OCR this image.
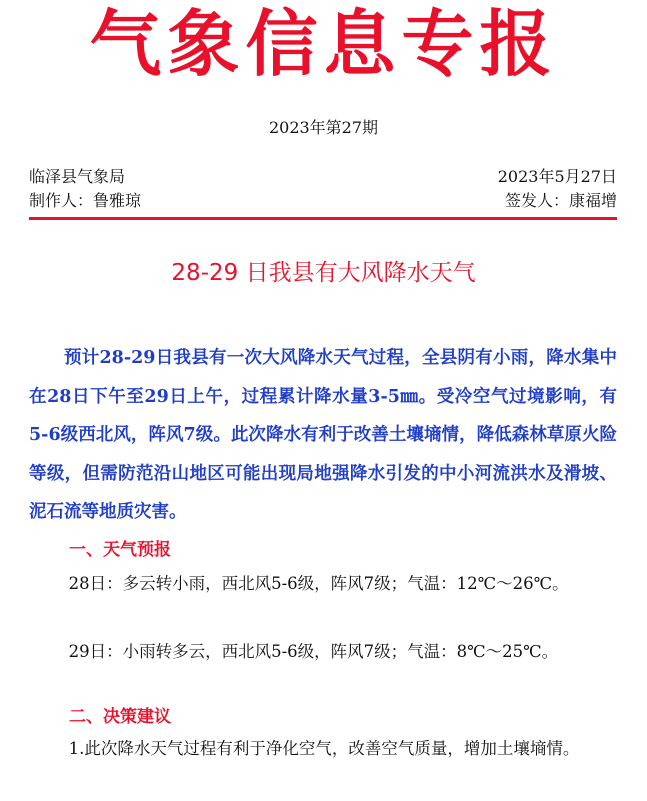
气象信息专报
2023年第27期
临泽县气象局	2023年5月27日
制作人：鲁雅琼	签发人：康福增
28-29 日我县有大风降水天气

预计28-29日我县有一次大风降水天气过程，全县阴有小雨，降水集中在28日下午至29日上午，过程累计降水量3-5㎜。受冷空气过境影响，有5-6级西北风，阵风7级。此次降水有利于改善土壤墒情，降低森林草原火险等级，但需防范沿山地区可能出现局地强降水引发的中小河流洪水及滑坡、泥石流等地质灾害。

一、天气预报

28日：多云转小雨，西北风5-6级，阵风7级；气温：12℃～26℃。

29日：小雨转多云，西北风5-6级，阵风7级；气温：8℃～25℃。

二、决策建议

1.此次降水天气过程有利于净化空气，改善空气质量，增加土壤墒情。
